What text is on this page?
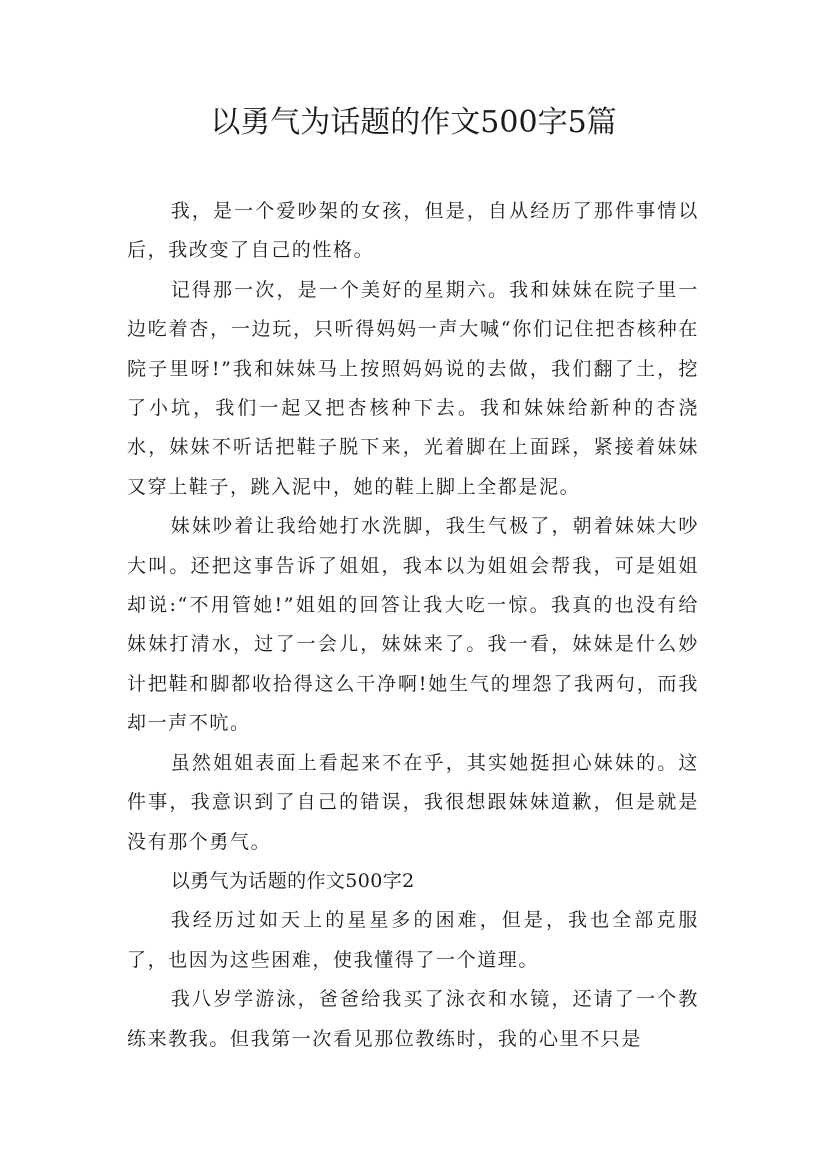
以勇气为话题的作文500字5篇

我，是一个爱吵架的女孩，但是，自从经历了那件事情以后，我改变了自己的性格。

记得那一次，是一个美好的星期六。我和妹妹在院子里一边吃着杏，一边玩，只听得妈妈一声大喊“你们记住把杏核种在院子里呀!”我和妹妹马上按照妈妈说的去做，我们翻了土，挖了小坑，我们一起又把杏核种下去。我和妹妹给新种的杏浇水，妹妹不听话把鞋子脱下来，光着脚在上面踩，紧接着妹妹又穿上鞋子，跳入泥中，她的鞋上脚上全都是泥。

妹妹吵着让我给她打水洗脚，我生气极了，朝着妹妹大吵大叫。还把这事告诉了姐姐，我本以为姐姐会帮我，可是姐姐却说:“不用管她!”姐姐的回答让我大吃一惊。我真的也没有给妹妹打清水，过了一会儿，妹妹来了。我一看，妹妹是什么妙计把鞋和脚都收拾得这么干净啊!她生气的埋怨了我两句，而我却一声不吭。

虽然姐姐表面上看起来不在乎，其实她挺担心妹妹的。这件事，我意识到了自己的错误，我很想跟妹妹道歉，但是就是没有那个勇气。

以勇气为话题的作文500字2

我经历过如天上的星星多的困难，但是，我也全部克服了，也因为这些困难，使我懂得了一个道理。

我八岁学游泳，爸爸给我买了泳衣和水镜，还请了一个教练来教我。但我第一次看见那位教练时，我的心里不只是
